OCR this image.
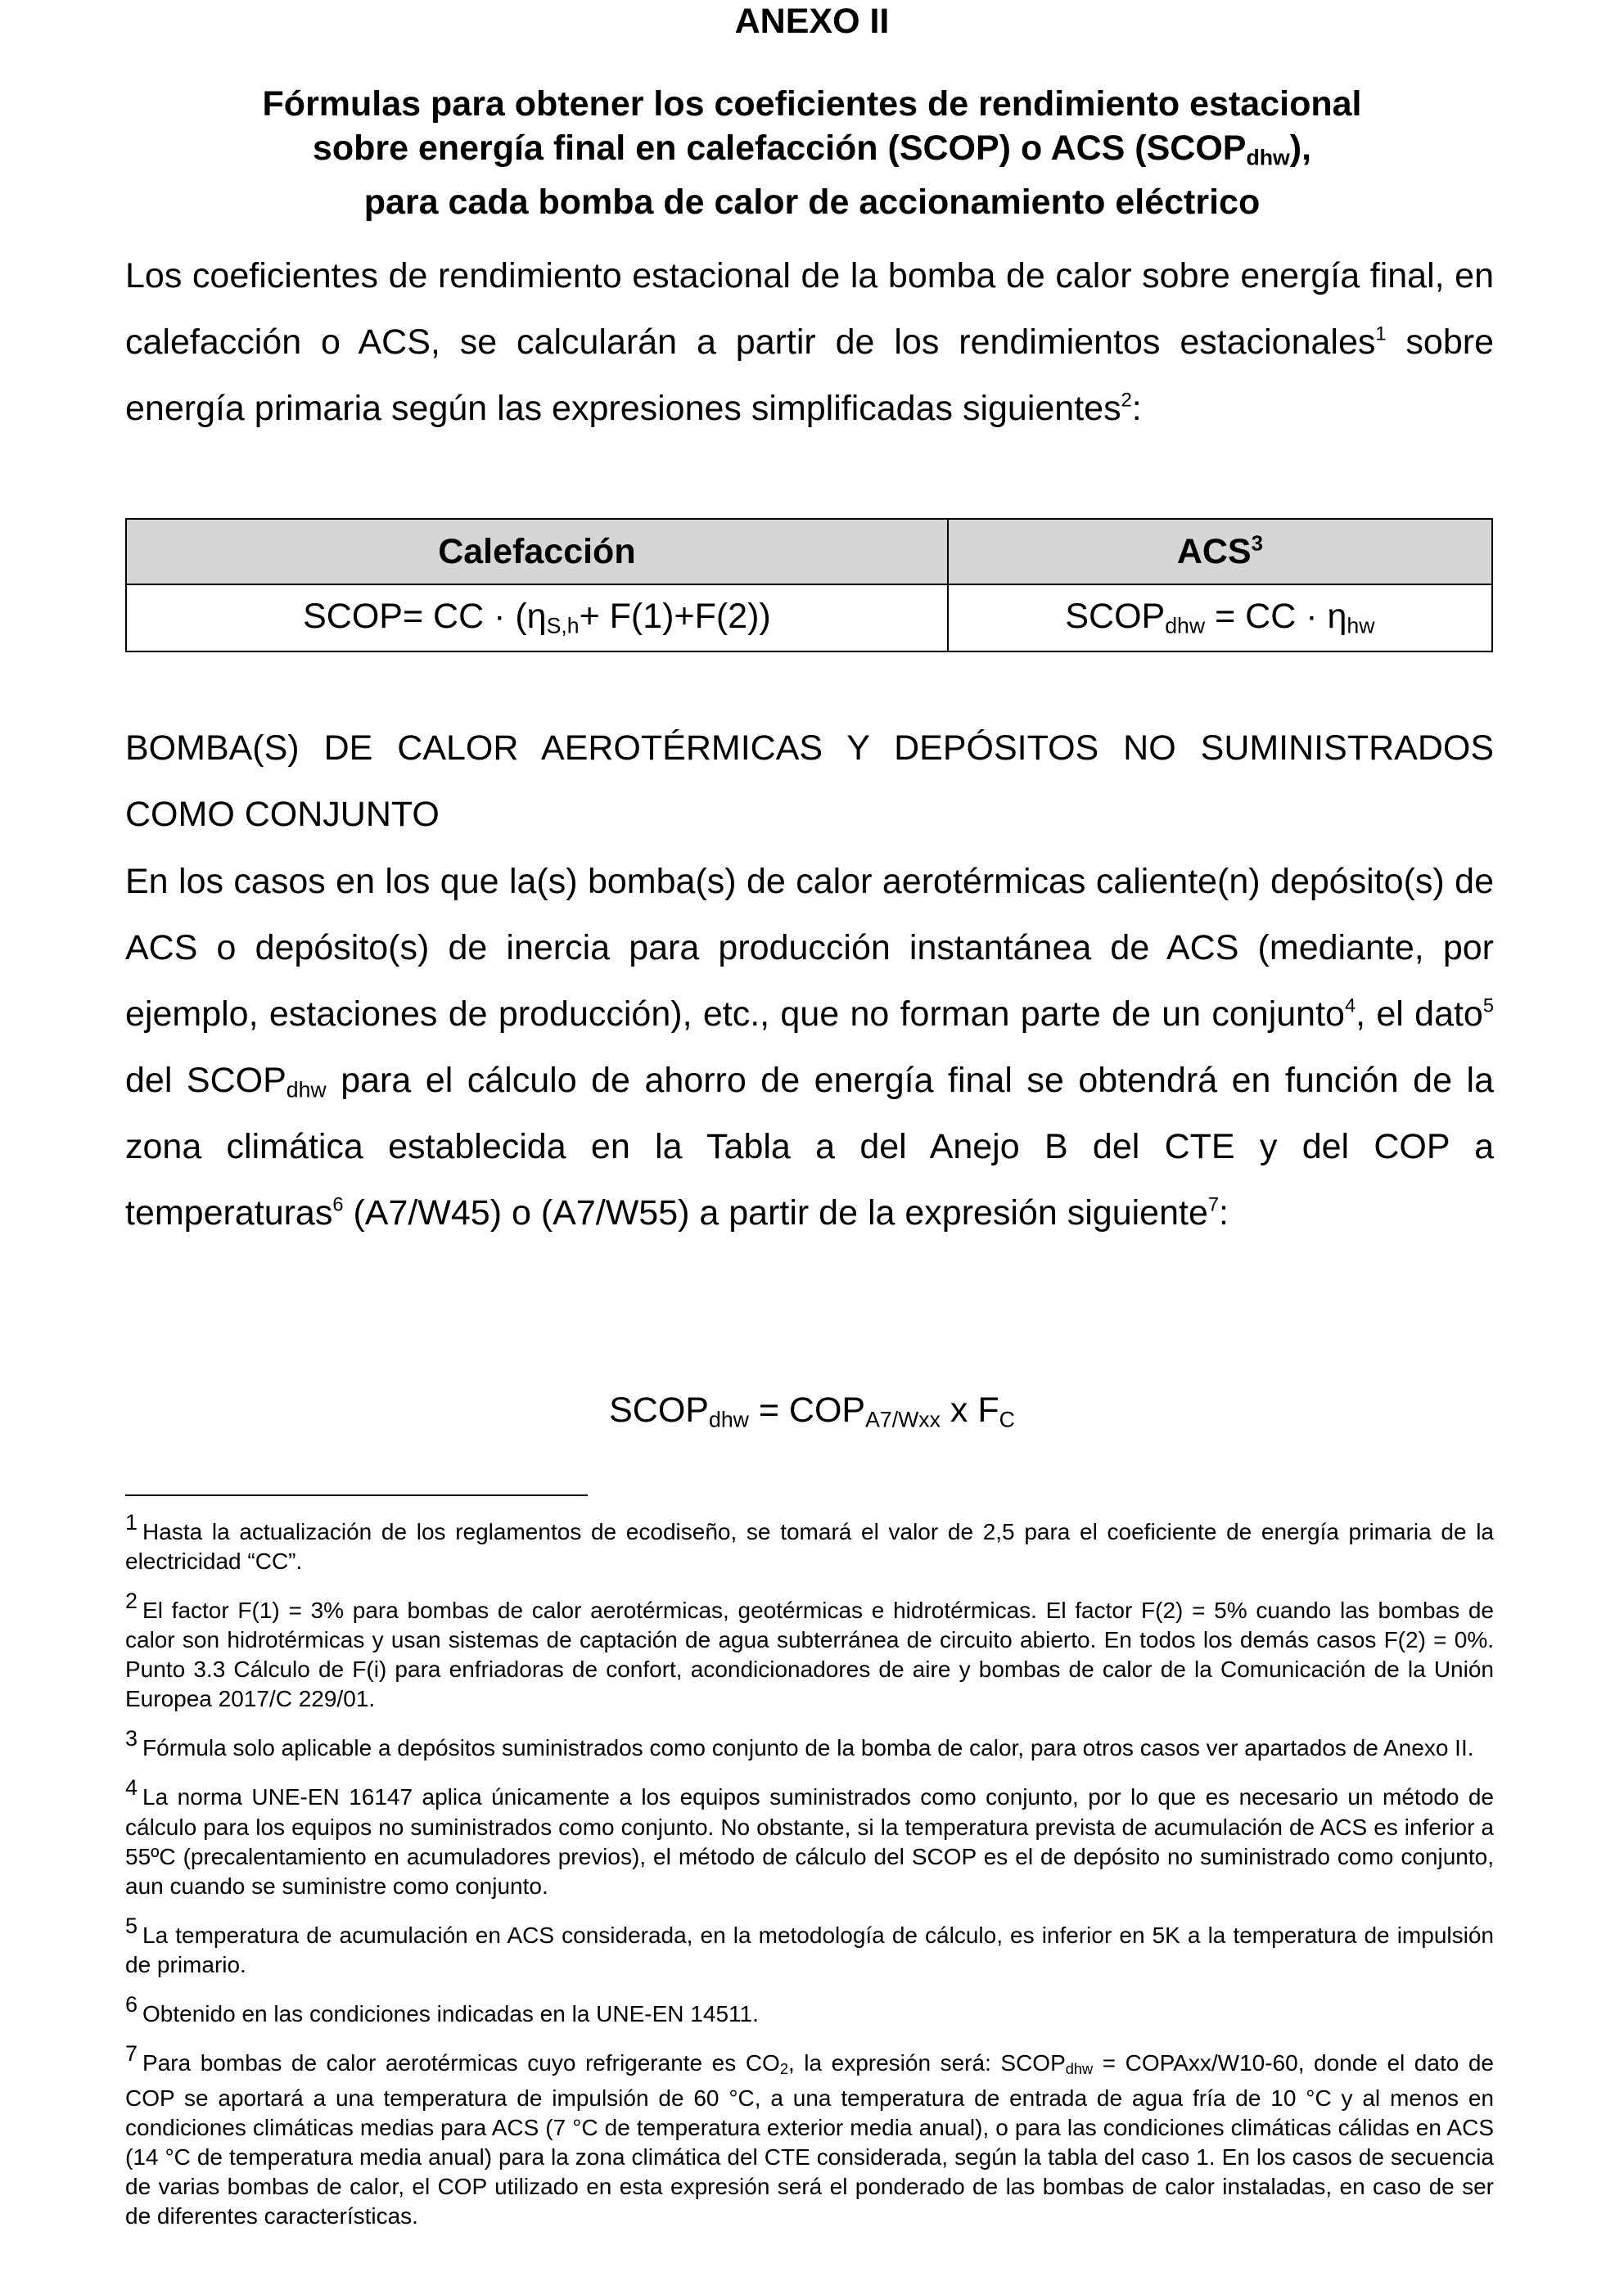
ANEXO II
Fórmulas para obtener los coeficientes de rendimiento estacional
sobre energía final en calefacción (SCOP) o ACS $(SCOP_{dhw})$,
para cada bomba de calor de accionamiento eléctrico
Los coeficientes de rendimiento estacional de la bomba de calor sobre energía final, en calefacción o ACS, se calcularán a partir de los rendimientos estacionales$^1$ sobre energía primaria según las expresiones simplificadas siguientes$^2$:
Calefacción	ACS$^3$
SCOP= CC · $(\eta_{S,h}+ F(1)+F(2))$	$SCOP_{dhw}$ = CC · $\eta_{hw}$
BOMBA(S) DE CALOR AEROTÉRMICAS Y DEPÓSITOS NO SUMINISTRADOS COMO CONJUNTO
En los casos en los que la(s) bomba(s) de calor aerotérmicas caliente(n) depósito(s) de ACS o depósito(s) de inercia para producción instantánea de ACS (mediante, por ejemplo, estaciones de producción), etc., que no forman parte de un conjunto$^4$, el dato$^5$ del $SCOP_{dhw}$ para el cálculo de ahorro de energía final se obtendrá en función de la zona climática establecida en la Tabla a del Anejo B del CTE y del COP a temperaturas$^6$ (A7/W45) o (A7/W55) a partir de la expresión siguiente$^7$:
$SCOP_{dhw} = COP_{A7/Wxx}$ x $F_C$
1 Hasta la actualización de los reglamentos de ecodiseño, se tomará el valor de 2,5 para el coeficiente de energía primaria de la electricidad “CC”.
2 El factor F(1) = 3% para bombas de calor aerotérmicas, geotérmicas e hidrotérmicas. El factor F(2) = 5% cuando las bombas de calor son hidrotérmicas y usan sistemas de captación de agua subterránea de circuito abierto. En todos los demás casos F(2) = 0%. Punto 3.3 Cálculo de F(i) para enfriadoras de confort, acondicionadores de aire y bombas de calor de la Comunicación de la Unión Europea 2017/C 229/01.
3 Fórmula solo aplicable a depósitos suministrados como conjunto de la bomba de calor, para otros casos ver apartados de Anexo II.
4 La norma UNE-EN 16147 aplica únicamente a los equipos suministrados como conjunto, por lo que es necesario un método de cálculo para los equipos no suministrados como conjunto. No obstante, si la temperatura prevista de acumulación de ACS es inferior a 55ºC (precalentamiento en acumuladores previos), el método de cálculo del SCOP es el de depósito no suministrado como conjunto, aun cuando se suministre como conjunto.
5 La temperatura de acumulación en ACS considerada, en la metodología de cálculo, es inferior en 5K a la temperatura de impulsión de primario.
6 Obtenido en las condiciones indicadas en la UNE-EN 14511.
7 Para bombas de calor aerotérmicas cuyo refrigerante es $CO_2$, la expresión será: $SCOP_{dhw}$ = COPAxx/W10-60, donde el dato de COP se aportará a una temperatura de impulsión de 60 °C, a una temperatura de entrada de agua fría de 10 °C y al menos en condiciones climáticas medias para ACS (7 °C de temperatura exterior media anual), o para las condiciones climáticas cálidas en ACS (14 °C de temperatura media anual) para la zona climática del CTE considerada, según la tabla del caso 1. En los casos de secuencia de varias bombas de calor, el COP utilizado en esta expresión será el ponderado de las bombas de calor instaladas, en caso de ser de diferentes características.
